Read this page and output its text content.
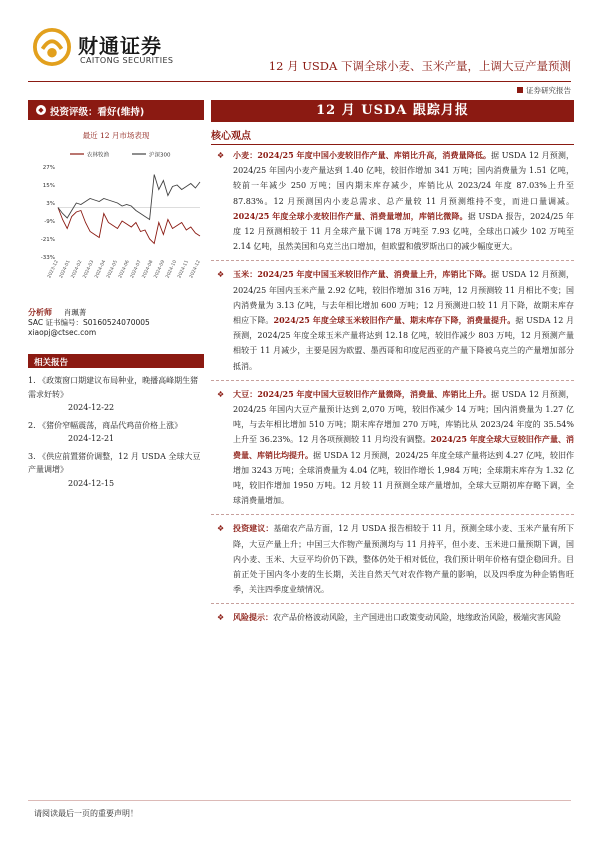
财通证券
CAITONG SECURITIES	12 月 USDA 下调全球小麦、玉米产量，上调大豆产量预测
证券研究报告
◆ 投资评级：看好(维持)
最近 12 月市场表现
农林牧渔	沪深300
27%
15%
3%
-9%
-21%
-33%
2023-12 2024-01 2024-02 2024-03 2024-04 2024-05 2024-06 2024-07 2024-08 2024-09 2024-10 2024-11 2024-12
分析师 肖珮菁
SAC 证书编号：S0160524070005
xiaopj@ctsec.com
相关报告
1. 《政策窗口期建议布局种业，晚播高峰期生猪需求好转》
2024-12-22
2. 《猪价窄幅震荡，商品代鸡苗价格上涨》
2024-12-21
3. 《供应前置猪价调整，12 月 USDA 全球大豆产量调增》
2024-12-15
12 月 USDA 跟踪月报
核心观点
❖ 小麦：2024/25 年度中国小麦较旧作产量、库销比升高，消费量降低。据 USDA 12 月预测，2024/25 年国内小麦产量达到 1.40 亿吨，较旧作增加 341 万吨；国内消费量为 1.51 亿吨，较前一年减少 250 万吨；国内期末库存减少，库销比从 2023/24 年度 87.03%上升至 87.83%。12 月预测国内小麦总需求、总产量较 11 月预测维持不变，而进口量调减。2024/25 年度全球小麦较旧作产量、消费量增加，库销比微降。据 USDA 报告，2024/25 年度 12 月预测相较于 11 月全球产量下调 178 万吨至 7.93 亿吨，全球出口减少 102 万吨至 2.14 亿吨，虽然美国和乌克兰出口增加，但欧盟和俄罗斯出口的减少幅度更大。
❖ 玉米：2024/25 年度中国玉米较旧作产量、消费量上升，库销比下降。据 USDA 12 月预测，2024/25 年国内玉米产量 2.92 亿吨，较旧作增加 316 万吨，12 月预测较 11 月相比不变；国内消费量为 3.13 亿吨，与去年相比增加 600 万吨；12 月预测进口较 11 月下降，故期末库存相应下降。2024/25 年度全球玉米较旧作产量、期末库存下降，消费量提升。据 USDA 12 月预测，2024/25 年度全球玉米产量将达到 12.18 亿吨，较旧作减少 803 万吨，12 月预测产量相较于 11 月减少，主要是因为欧盟、墨西哥和印度尼西亚的产量下降被乌克兰的产量增加部分抵消。
❖ 大豆：2024/25 年度中国大豆较旧作产量微降，消费量、库销比上升。据 USDA 12 月预测，2024/25 年国内大豆产量预计达到 2,070 万吨，较旧作减少 14 万吨；国内消费量为 1.27 亿吨，与去年相比增加 510 万吨；期末库存增加 270 万吨，库销比从 2023/24 年度的 35.54%上升至 36.23%。12 月各项预测较 11 月均没有调整。2024/25 年度全球大豆较旧作产量、消费量、库销比均提升。据 USDA 12 月预测，2024/25 年度全球产量将达到 4.27 亿吨，较旧作增加 3243 万吨；全球消费量为 4.04 亿吨，较旧作增长 1,984 万吨；全球期末库存为 1.32 亿吨，较旧作增加 1950 万吨。12 月较 11 月预测全球产量增加，全球大豆期初库存略下调，全球消费量增加。
❖ 投资建议：基础农产品方面，12 月 USDA 报告相较于 11 月，预测全球小麦、玉米产量有所下降，大豆产量上升；中国三大作物产量预测均与 11 月持平，但小麦、玉米进口量预期下调，国内小麦、玉米、大豆平均价仍下跌，整体仍处于相对低位，我们预计明年价格有望企稳回升。目前正处于国内冬小麦的生长期，关注自然天气对农作物产量的影响，以及四季度为种企销售旺季，关注四季度业绩情况。
❖ 风险提示：农产品价格波动风险，主产国进出口政策变动风险，地缘政治风险，极端灾害风险
请阅读最后一页的重要声明！
